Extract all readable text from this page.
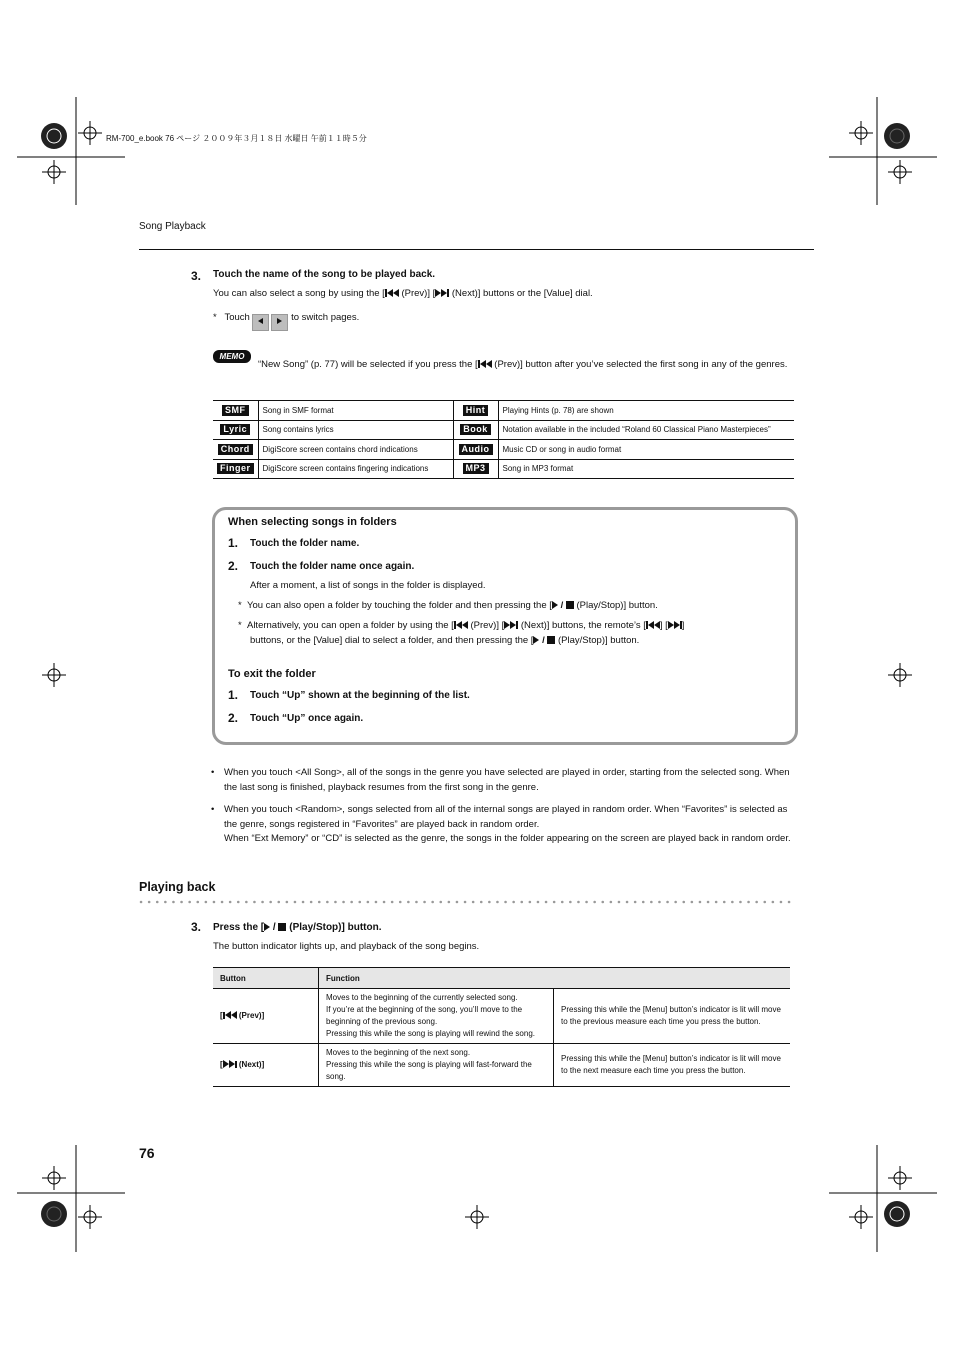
RM-700_e.book 76 ページ ２００９年３月１８日 水曜日 午前１１時５分
Song Playback
3. Touch the name of the song to be played back.
You can also select a song by using the [ (Prev)] [ (Next)] buttons or the [Value] dial.
* Touch	to switch pages.
MEMO
“New Song” (p. 77) will be selected if you press the [ (Prev)] button after you’ve selected the first song in any of the genres.
SMF	Song in SMF format	Hint	Playing Hints (p. 78) are shown
Lyric	Song contains lyrics	Book	Notation available in the included “Roland 60 Classical Piano Masterpieces”
Chord	DigiScore screen contains chord indications	Audio	Music CD or song in audio format
Finger	DigiScore screen contains fingering indications	MP3	Song in MP3 format
When selecting songs in folders
1. Touch the folder name.
2. Touch the folder name once again.
After a moment, a list of songs in the folder is displayed.
* You can also open a folder by touching the folder and then pressing the [ /  (Play/Stop)] button.
* Alternatively, you can open a folder by using the [ (Prev)] [ (Next)] buttons, the remote’s [ ] [ ]
buttons, or the [Value] dial to select a folder, and then pressing the [ /  (Play/Stop)] button.
To exit the folder
1. Touch “Up” shown at the beginning of the list.
2. Touch “Up” once again.
• When you touch <All Song>, all of the songs in the genre you have selected are played in order, starting from the selected song. When the last song is finished, playback resumes from the first song in the genre.
• When you touch <Random>, songs selected from all of the internal songs are played in random order. When “Favorites” is selected as the genre, songs registered in “Favorites” are played back in random order.
When “Ext Memory” or “CD” is selected as the genre, the songs in the folder appearing on the screen are played back in random order.
Playing back
3. Press the [ /  (Play/Stop)] button.
The button indicator lights up, and playback of the song begins.
Button	Function	
[ (Prev)]	Moves to the beginning of the currently selected song.
If you’re at the beginning of the song, you’ll move to the beginning of the previous song.
Pressing this while the song is playing will rewind the song.	Pressing this while the [Menu] button’s indicator is lit will move to the previous measure each time you press the button.
[ (Next)]	Moves to the beginning of the next song.
Pressing this while the song is playing will fast-forward the song.	Pressing this while the [Menu] button’s indicator is lit will move to the next measure each time you press the button.
76
